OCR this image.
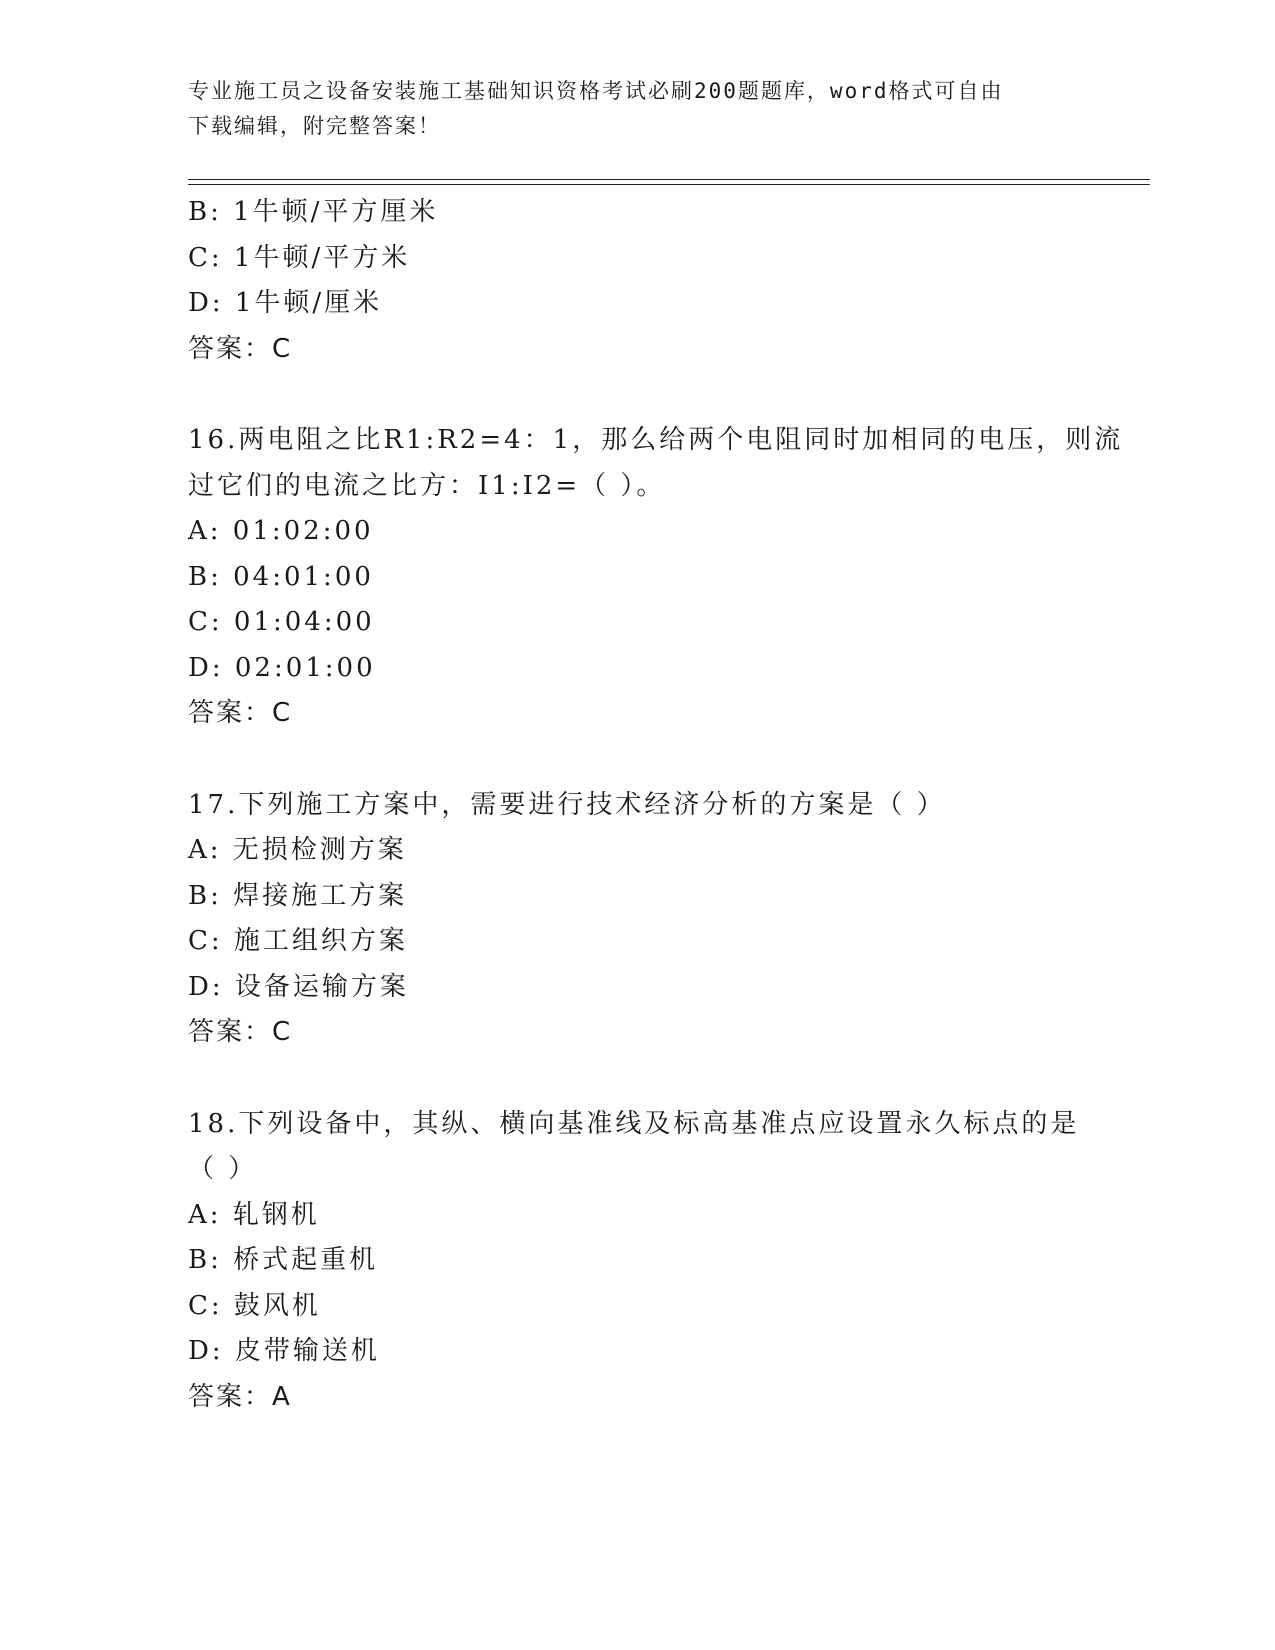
专业施工员之设备安装施工基础知识资格考试必刷200题题库，word格式可自由
下载编辑，附完整答案！
B: 1牛顿/平方厘米
C: 1牛顿/平方米
D: 1牛顿/厘米
答案：C
16.两电阻之比R1:R2=4：1，那么给两个电阻同时加相同的电压，则流
过它们的电流之比方：I1:I2=（ ）。
A: 01:02:00
B: 04:01:00
C: 01:04:00
D: 02:01:00
答案：C
17.下列施工方案中，需要进行技术经济分析的方案是（ ）
A: 无损检测方案
B: 焊接施工方案
C: 施工组织方案
D: 设备运输方案
答案：C
18.下列设备中，其纵、横向基准线及标高基准点应设置永久标点的是
（ ）
A: 轧钢机
B: 桥式起重机
C: 鼓风机
D: 皮带输送机
答案：A
